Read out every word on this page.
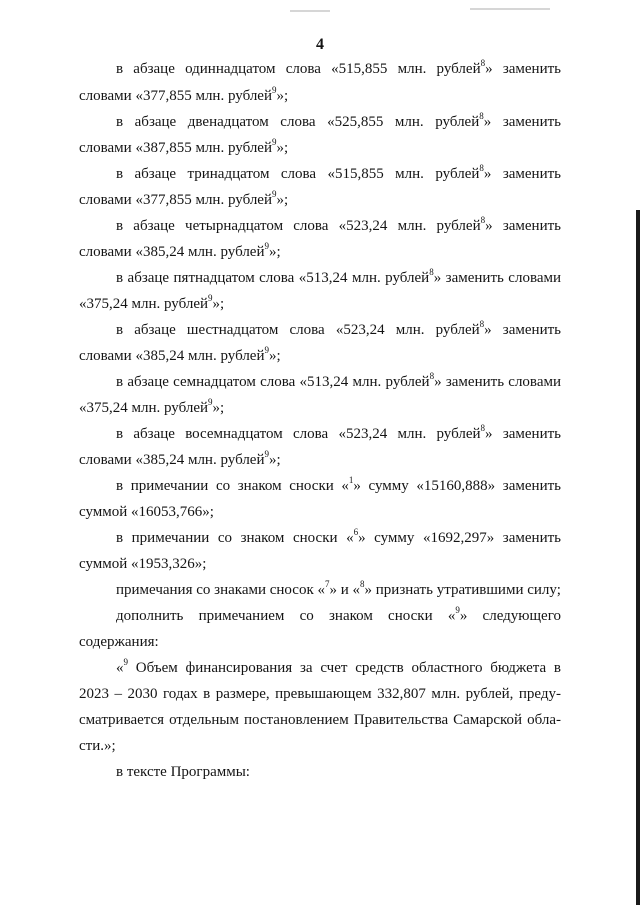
4
в абзаце одиннадцатом слова «515,855 млн. рублей$^8$» заменить
словами «377,855 млн. рублей$^9$»;
в абзаце двенадцатом слова «525,855 млн. рублей$^8$» заменить
словами «387,855 млн. рублей$^9$»;
в абзаце тринадцатом слова «515,855 млн. рублей$^8$» заменить
словами «377,855 млн. рублей$^9$»;
в абзаце четырнадцатом слова «523,24 млн. рублей$^8$» заменить
словами «385,24 млн. рублей$^9$»;
в абзаце пятнадцатом слова «513,24 млн. рублей$^8$» заменить словами
«375,24 млн. рублей$^9$»;
в абзаце шестнадцатом слова «523,24 млн. рублей$^8$» заменить
словами «385,24 млн. рублей$^9$»;
в абзаце семнадцатом слова «513,24 млн. рублей$^8$» заменить словами
«375,24 млн. рублей$^9$»;
в абзаце восемнадцатом слова «523,24 млн. рублей$^8$» заменить
словами «385,24 млн. рублей$^9$»;
в примечании со знаком сноски «$^1$» сумму «15160,888» заменить
суммой «16053,766»;
в примечании со знаком сноски «$^6$» сумму «1692,297» заменить
суммой «1953,326»;
примечания со знаками сносок «$^7$» и «$^8$» признать утратившими силу;
дополнить примечанием со знаком сноски «$^9$» следующего
содержания:
«$^9$ Объем финансирования за счет средств областного бюджета в
2023 – 2030 годах в размере, превышающем 332,807 млн. рублей, преду-
сматривается отдельным постановлением Правительства Самарской обла-
сти.»;
в тексте Программы:
